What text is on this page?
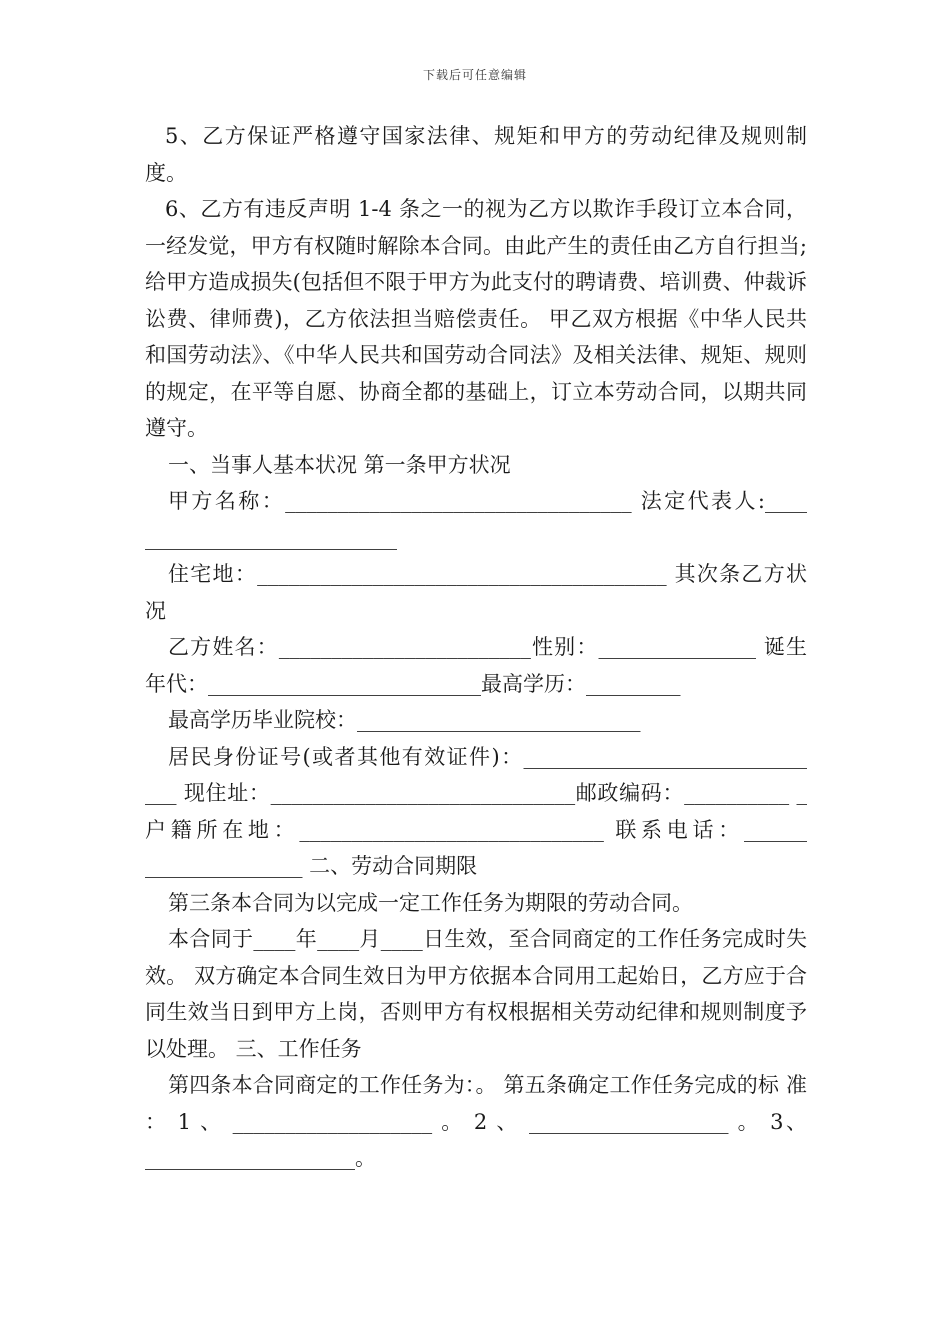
下载后可任意编辑

5、乙方保证严格遵守国家法律、规矩和甲方的劳动纪律及规则制度。

6、乙方有违反声明 1-4 条之一的视为乙方以欺诈手段订立本合同，一经发觉，甲方有权随时解除本合同。由此产生的责任由乙方自行担当;给甲方造成损失(包括但不限于甲方为此支付的聘请费、培训费、仲裁诉讼费、律师费)，乙方依法担当赔偿责任。 甲乙双方根据《中华人民共和国劳动法》、《中华人民共和国劳动合同法》及相关法律、规矩、规则的规定，在平等自愿、协商全都的基础上，订立本劳动合同，以期共同遵守。

一、当事人基本状况 第一条甲方状况

甲方名称：_________________________________ 法定代表人:____ ________________________

住宅地：_______________________________________ 其次条乙方状况

乙方姓名：________________________性别：_______________ 诞生年代：__________________________最高学历：_________

最高学历毕业院校：___________________________

居民身份证号(或者其他有效证件)：___________________________ ___ 现住址：_____________________________邮政编码：__________ _ 户籍所在地：_____________________________ 联系电话：______ _______________ 二、劳动合同期限

第三条本合同为以完成一定工作任务为期限的劳动合同。

本合同于____年____月____日生效，至合同商定的工作任务完成时失效。 双方确定本合同生效日为甲方依据本合同用工起始日，乙方应于合同生效当日到甲方上岗，否则甲方有权根据相关劳动纪律和规则制度予以处理。 三、工作任务

第四条本合同商定的工作任务为：。 第五条确定工作任务完成的标 准 ： 1 、 ___________________ 。 2 、 ___________________ 。 3、____________________。
